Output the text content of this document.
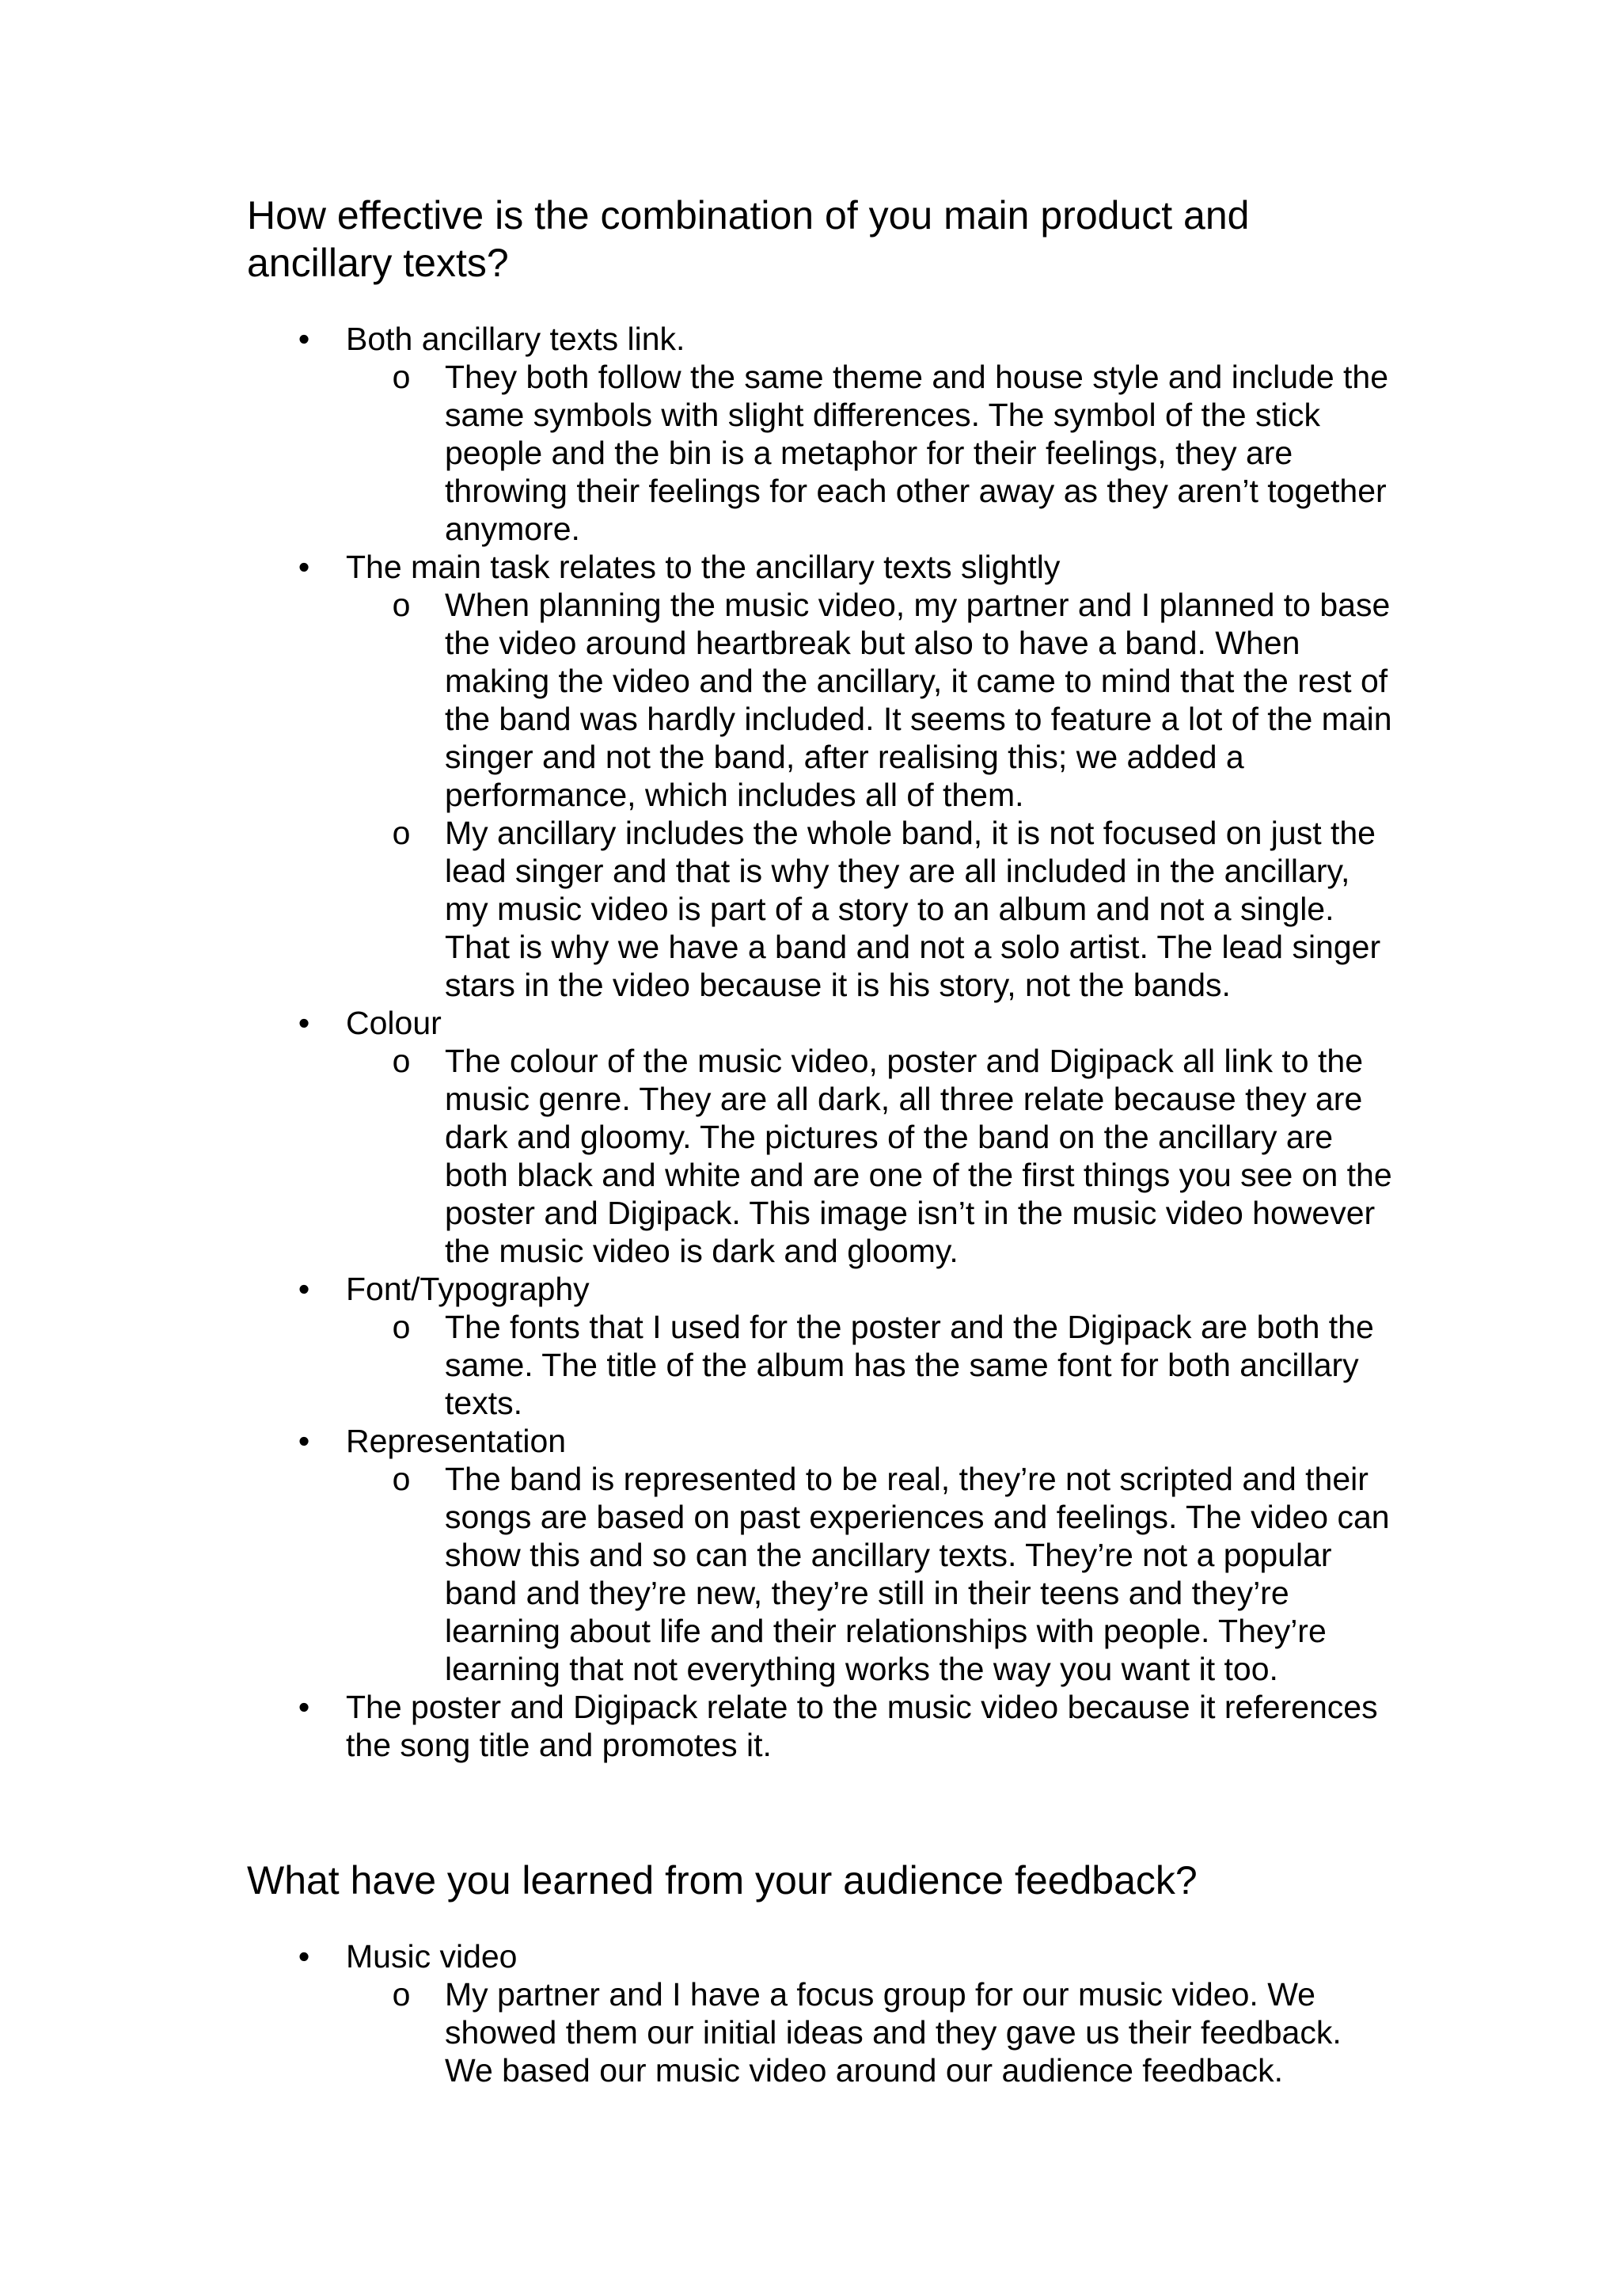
How effective is the combination of you main product and ancillary texts?
• Both ancillary texts link.
o They both follow the same theme and house style and include the same symbols with slight differences. The symbol of the stick people and the bin is a metaphor for their feelings, they are throwing their feelings for each other away as they aren’t together anymore.
• The main task relates to the ancillary texts slightly
o When planning the music video, my partner and I planned to base the video around heartbreak but also to have a band. When making the video and the ancillary, it came to mind that the rest of the band was hardly included. It seems to feature a lot of the main singer and not the band, after realising this; we added a performance, which includes all of them.
o My ancillary includes the whole band, it is not focused on just the lead singer and that is why they are all included in the ancillary, my music video is part of a story to an album and not a single. That is why we have a band and not a solo artist. The lead singer stars in the video because it is his story, not the bands.
• Colour
o The colour of the music video, poster and Digipack all link to the music genre. They are all dark, all three relate because they are dark and gloomy. The pictures of the band on the ancillary are both black and white and are one of the first things you see on the poster and Digipack. This image isn’t in the music video however the music video is dark and gloomy.
• Font/Typography
o The fonts that I used for the poster and the Digipack are both the same. The title of the album has the same font for both ancillary texts.
• Representation
o The band is represented to be real, they’re not scripted and their songs are based on past experiences and feelings. The video can show this and so can the ancillary texts. They’re not a popular band and they’re new, they’re still in their teens and they’re learning about life and their relationships with people. They’re learning that not everything works the way you want it too.
• The poster and Digipack relate to the music video because it references the song title and promotes it.
What have you learned from your audience feedback?
• Music video
o My partner and I have a focus group for our music video. We showed them our initial ideas and they gave us their feedback. We based our music video around our audience feedback.
